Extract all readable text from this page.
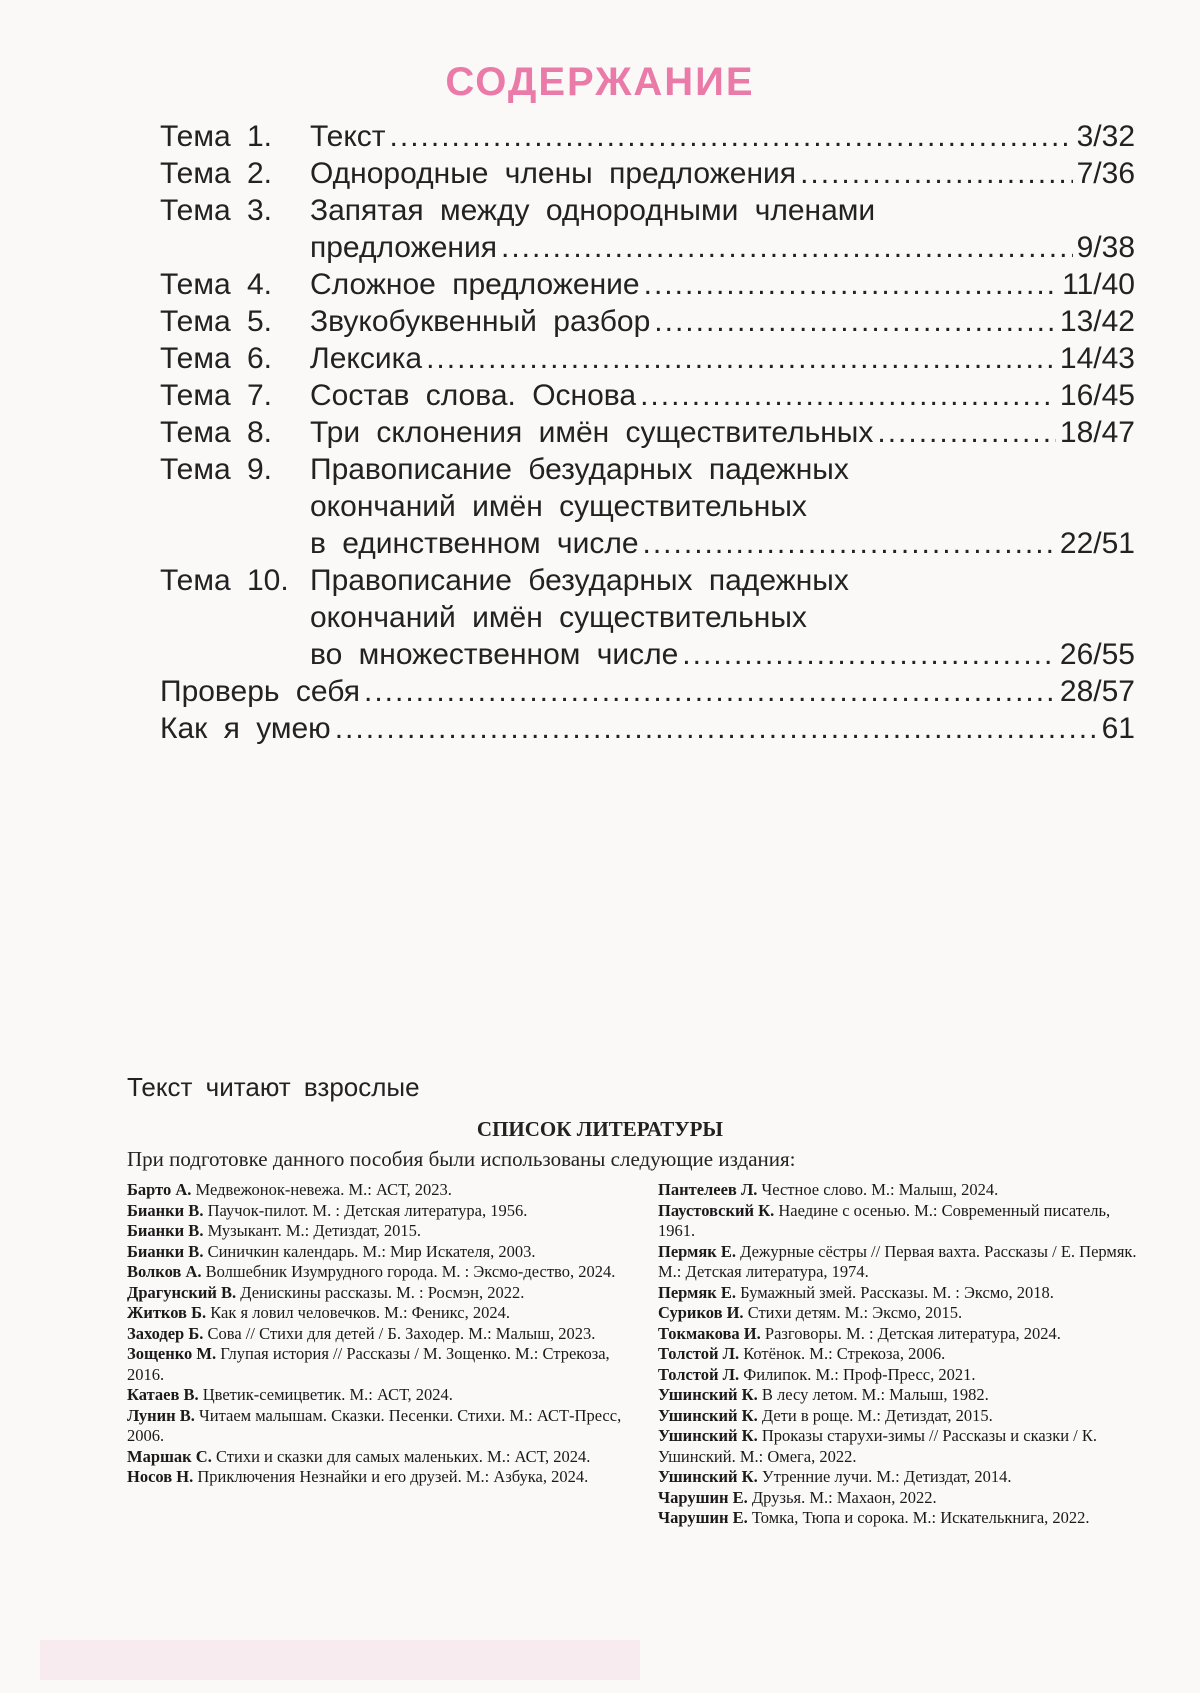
СОДЕРЖАНИЕ
Тема 1.	Текст .....	3/32
Тема 2.	Однородные члены предложения .....	7/36
Тема 3.	Запятая между однородными членами
предложения .....	9/38
Тема 4.	Сложное предложение .....	11/40
Тема 5.	Звукобуквенный разбор .....	13/42
Тема 6.	Лексика .....	14/43
Тема 7.	Состав слова. Основа .....	16/45
Тема 8.	Три склонения имён существительных .....	18/47
Тема 9.	Правописание безударных падежных
окончаний имён существительных
в единственном числе .....	22/51
Тема 10. Правописание безударных падежных
окончаний имён существительных
во множественном числе .....	26/55
Проверь себя .....	28/57
Как я умею .....	61
Текст читают взрослые
СПИСОК ЛИТЕРАТУРЫ
При подготовке данного пособия были использованы следующие издания:
Барто А. Медвежонок-невежа. М.: АСТ, 2023.
Бианки В. Паучок-пилот. М. : Детская литература, 1956.
Бианки В. Музыкант. М.: Детиздат, 2015.
Бианки В. Синичкин календарь. М.: Мир Искателя, 2003.
Волков А. Волшебник Изумрудного города. М. : Эксмо-дество, 2024.
Драгунский В. Денискины рассказы. М. : Росмэн, 2022.
Житков Б. Как я ловил человечков. М.: Феникс, 2024.
Заходер Б. Сова // Стихи для детей / Б. Заходер. М.: Малыш, 2023.
Зощенко М. Глупая история // Рассказы / М. Зощенко. М.: Стрекоза, 2016.
Катаев В. Цветик-семицветик. М.: АСТ, 2024.
Лунин В. Читаем малышам. Сказки. Песенки. Стихи. М.: АСТ-Пресс, 2006.
Маршак С. Стихи и сказки для самых маленьких. М.: АСТ, 2024.
Носов Н. Приключения Незнайки и его друзей. М.: Азбука, 2024.
Пантелеев Л. Честное слово. М.: Малыш, 2024.
Паустовский К. Наедине с осенью. М.: Современный писатель, 1961.
Пермяк Е. Дежурные сёстры // Первая вахта. Рассказы / Е. Пермяк. М.: Детская литература, 1974.
Пермяк Е. Бумажный змей. Рассказы. М. : Эксмо, 2018.
Суриков И. Стихи детям. М.: Эксмо, 2015.
Токмакова И. Разговоры. М. : Детская литература, 2024.
Толстой Л. Котёнок. М.: Стрекоза, 2006.
Толстой Л. Филипок. М.: Проф-Пресс, 2021.
Ушинский К. В лесу летом. М.: Малыш, 1982.
Ушинский К. Дети в роще. М.: Детиздат, 2015.
Ушинский К. Проказы старухи-зимы // Рассказы и сказки / К. Ушинский. М.: Омега, 2022.
Ушинский К. Утренние лучи. М.: Детиздат, 2014.
Чарушин Е. Друзья. М.: Махаон, 2022.
Чарушин Е. Томка, Тюпа и сорока. М.: Искателькнига, 2022.
